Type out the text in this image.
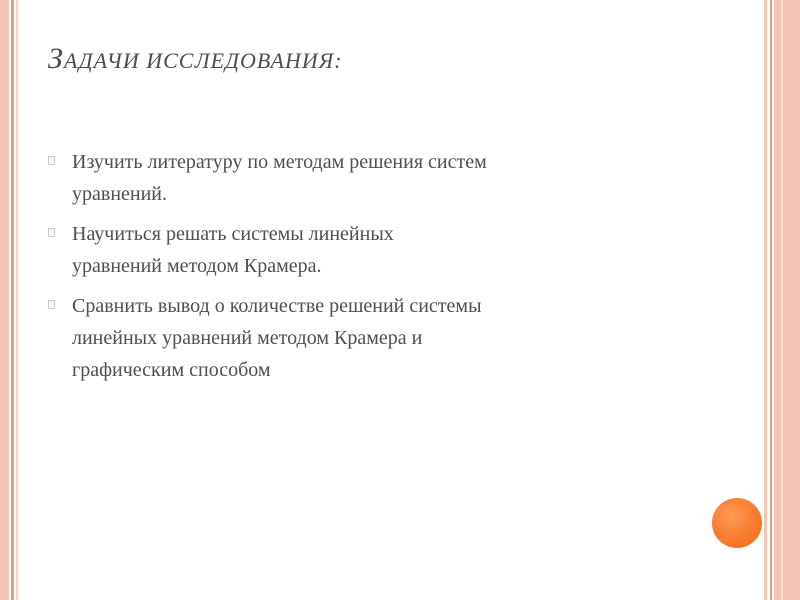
ЗАДАЧИ ИССЛЕДОВАНИЯ:
Изучить литературу по методам решения систем
уравнений.
Научиться решать системы линейных
уравнений методом Крамера.
Сравнить вывод о количестве решений системы
линейных уравнений методом Крамера и
графическим способом
